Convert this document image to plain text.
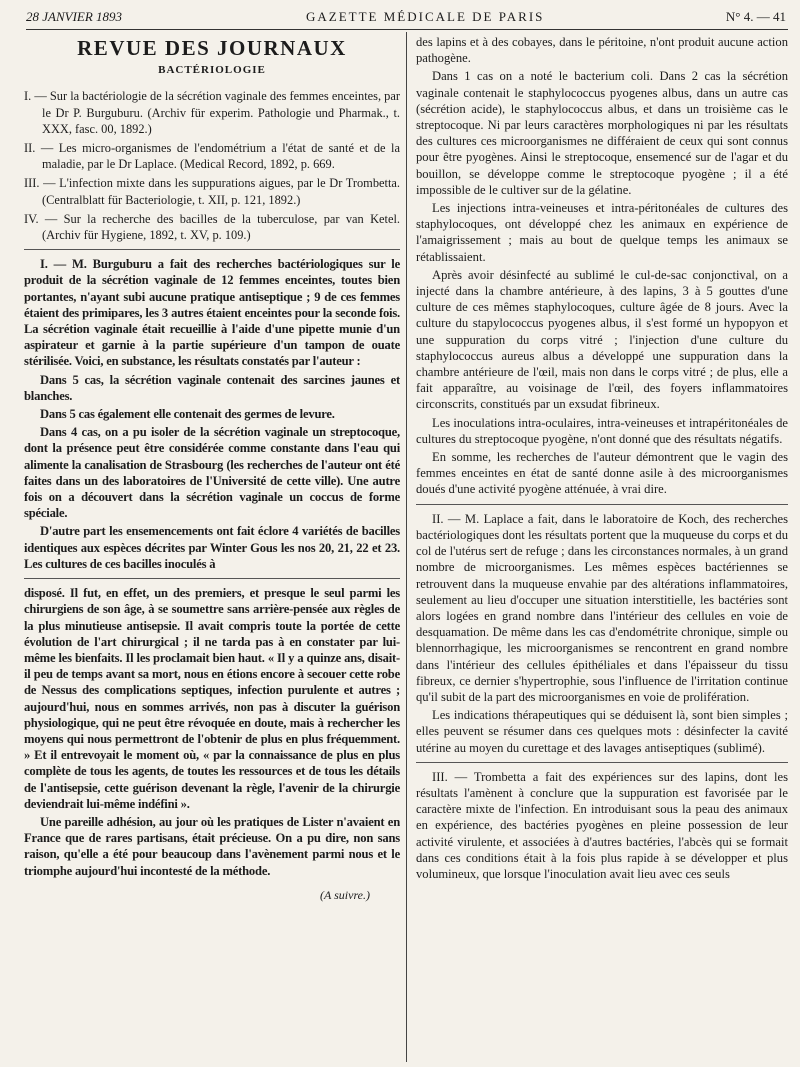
28 JANVIER 1893	GAZETTE MÉDICALE DE PARIS	N° 4. — 41
REVUE DES JOURNAUX
BACTÉRIOLOGIE

I. — Sur la bactériologie de la sécrétion vaginale des femmes enceintes, par le Dr P. Burguburu. (Archiv für experim. Pathologie und Pharmak., t. XXX, fasc. 00, 1892.)

II. — Les micro-organismes de l'endométrium a l'état de santé et de la maladie, par le Dr Laplace. (Medical Record, 1892, p. 669.

III. — L'infection mixte dans les suppurations aigues, par le Dr Trombetta. (Centralblatt für Bacteriologie, t. XII, p. 121, 1892.)

IV. — Sur la recherche des bacilles de la tuberculose, par van Ketel. (Archiv für Hygiene, 1892, t. XV, p. 109.)

I. — M. Burguburu a fait des recherches bactériologiques sur le produit de la sécrétion vaginale de 12 femmes enceintes, toutes bien portantes, n'ayant subi aucune pratique antiseptique ; 9 de ces femmes étaient des primipares, les 3 autres étaient enceintes pour la seconde fois. La sécrétion vaginale était recueillie à l'aide d'une pipette munie d'un aspirateur et garnie à la partie supérieure d'un tampon de ouate stérilisée. Voici, en substance, les résultats constatés par l'auteur :

Dans 5 cas, la sécrétion vaginale contenait des sarcines jaunes et blanches.

Dans 5 cas également elle contenait des germes de levure.

Dans 4 cas, on a pu isoler de la sécrétion vaginale un streptocoque, dont la présence peut être considérée comme constante dans l'eau qui alimente la canalisation de Strasbourg (les recherches de l'auteur ont été faites dans un des laboratoires de l'Université de cette ville). Une autre fois on a découvert dans la sécrétion vaginale un coccus de forme spéciale.

D'autre part les ensemencements ont fait éclore 4 variétés de bacilles identiques aux espèces décrites par Winter Gous les nos 20, 21, 22 et 23. Les cultures de ces bacilles inoculés à

disposé. Il fut, en effet, un des premiers, et presque le seul parmi les chirurgiens de son âge, à se soumettre sans arrière-pensée aux règles de la plus minutieuse antisepsie. Il avait compris toute la portée de cette évolution de l'art chirurgical ; il ne tarda pas à en constater par lui-même les bienfaits. Il les proclamait bien haut. « Il y a quinze ans, disait-il peu de temps avant sa mort, nous en étions encore à secouer cette robe de Nessus des complications septiques, infection purulente et autres ; aujourd'hui, nous en sommes arrivés, non pas à discuter la guérison physiologique, qui ne peut être révoquée en doute, mais à rechercher les moyens qui nous permettront de l'obtenir de plus en plus fréquemment. » Et il entrevoyait le moment où, « par la connaissance de plus en plus complète de tous les agents, de toutes les ressources et de tous les détails de l'antisepsie, cette guérison devenant la règle, l'avenir de la chirurgie deviendrait lui-même indéfini ».

Une pareille adhésion, au jour où les pratiques de Lister n'avaient en France que de rares partisans, était précieuse. On a pu dire, non sans raison, qu'elle a été pour beaucoup dans l'avènement parmi nous et le triomphe aujourd'hui incontesté de la méthode.

(A suivre.)

des lapins et à des cobayes, dans le péritoine, n'ont produit aucune action pathogène.

Dans 1 cas on a noté le bacterium coli. Dans 2 cas la sécrétion vaginale contenait le staphylococcus pyogenes albus, dans un autre cas (sécrétion acide), le staphylococcus albus, et dans un troisième cas le streptocoque. Ni par leurs caractères morphologiques ni par les résultats des cultures ces microorganismes ne différaient de ceux qui sont connus pour être pyogènes. Ainsi le streptocoque, ensemencé sur de l'agar et du bouillon, se développe comme le streptocoque pyogène ; il a été impossible de le cultiver sur de la gélatine.

Les injections intra-veineuses et intra-péritonéales de cultures des staphylocoques, ont développé chez les animaux en expérience de l'amaigrissement ; mais au bout de quelque temps les animaux se rétablissaient.

Après avoir désinfecté au sublimé le cul-de-sac conjonctival, on a injecté dans la chambre antérieure, à des lapins, 3 à 5 gouttes d'une culture de ces mêmes staphylocoques, culture âgée de 8 jours. Avec la culture du stapylococcus pyogenes albus, il s'est formé un hypopyon et une suppuration du corps vitré ; l'injection d'une culture du staphylococcus aureus albus a développé une suppuration dans la chambre antérieure de l'œil, mais non dans le corps vitré ; de plus, elle a fait apparaître, au voisinage de l'œil, des foyers inflammatoires circonscrits, constitués par un exsudat fibrineux.

Les inoculations intra-oculaires, intra-veineuses et intrapéritonéales de cultures du streptocoque pyogène, n'ont donné que des résultats négatifs.

En somme, les recherches de l'auteur démontrent que le vagin des femmes enceintes en état de santé donne asile à des microorganismes doués d'une activité pyogène atténuée, à vrai dire.

II. — M. Laplace a fait, dans le laboratoire de Koch, des recherches bactériologiques dont les résultats portent que la muqueuse du corps et du col de l'utérus sert de refuge ; dans les circonstances normales, à un grand nombre de microorganismes. Les mêmes espèces bactériennes se retrouvent dans la muqueuse envahie par des altérations inflammatoires, seulement au lieu d'occuper une situation interstitielle, les bactéries sont alors logées en grand nombre dans l'intérieur des cellules en voie de desquamation. De même dans les cas d'endométrite chronique, simple ou blennorrhagique, les microorganismes se rencontrent en grand nombre dans l'intérieur des cellules épithéliales et dans l'épaisseur du tissu fibreux, ce dernier s'hypertrophie, sous l'influence de l'irritation continue qu'il subit de la part des microorganismes en voie de prolifération.

Les indications thérapeutiques qui se déduisent là, sont bien simples ; elles peuvent se résumer dans ces quelques mots : désinfecter la cavité utérine au moyen du curettage et des lavages antiseptiques (sublimé).

III. — Trombetta a fait des expériences sur des lapins, dont les résultats l'amènent à conclure que la suppuration est favorisée par le caractère mixte de l'infection. En introduisant sous la peau des animaux en expérience, des bactéries pyogènes en pleine possession de leur activité virulente, et associées à d'autres bactéries, l'abcès qui se formait dans ces conditions était à la fois plus rapide à se développer et plus volumineux, que lorsque l'inoculation avait lieu avec ces seuls
